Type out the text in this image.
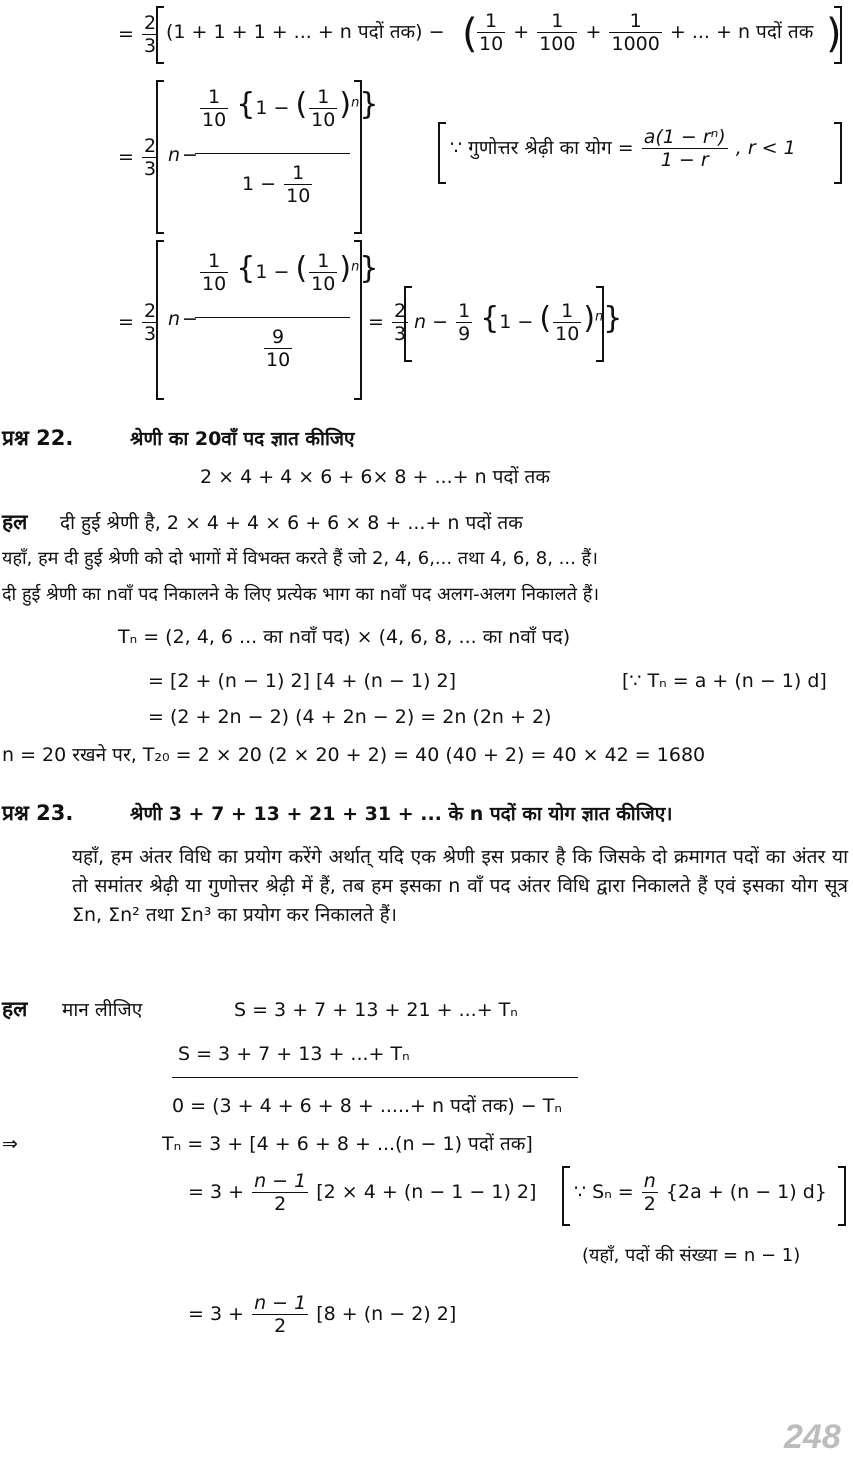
= $\frac{2}{3} (1 + 1 + 1$ + ... + n पदों तक) − ( $\frac{1}{10} + \frac{1}{100} + \frac{1}{1000}$ + ... + n पदों तक )
= $\frac{2}{3}$ n −
$\frac{1}{10} \{1$ − ( $\frac{1}{10} )^n$}
$1 - \frac{1}{10}$
∵ गुणोत्तर श्रेढ़ी का योग = $\frac{\text{a(1 − rⁿ)}}{1 - r}$ , r < 1
= $\frac{2}{3}$ n −
$\frac{1}{10} \{1$ − ( $\frac{1}{10} )^n$}
$\frac{9}{10}$
= $\frac{2}{3}$ $n - \frac{1}{9} \{1$ − ( $\frac{1}{10} )^n$}
प्रश्न 22.	श्रेणी का 20वाँ पद ज्ञात कीजिए
2 × 4 + 4 × 6 + 6× 8 + ...+ n पदों तक
हल दी हुई श्रेणी है, 2 × 4 + 4 × 6 + 6 × 8 + ...+ n पदों तक
यहाँ, हम दी हुई श्रेणी को दो भागों में विभक्त करते हैं जो 2, 4, 6,... तथा 4, 6, 8, ... हैं।
दी हुई श्रेणी का nवाँ पद निकालने के लिए प्रत्येक भाग का nवाँ पद अलग-अलग निकालते हैं।
Tₙ = (2, 4, 6 ... का nवाँ पद) × (4, 6, 8, ... का nवाँ पद)
= [2 + (n − 1) 2] [4 + (n − 1) 2]	[∵ Tₙ = a + (n − 1) d]
= (2 + 2n − 2) (4 + 2n − 2) = 2n (2n + 2)
n = 20 रखने पर, T₂₀ = 2 × 20 (2 × 20 + 2) = 40 (40 + 2) = 40 × 42 = 1680
प्रश्न 23.	श्रेणी 3 + 7 + 13 + 21 + 31 + ... के n पदों का योग ज्ञात कीजिए।
यहाँ, हम अंतर विधि का प्रयोग करेंगे अर्थात् यदि एक श्रेणी इस प्रकार है कि जिसके दो क्रमागत पदों का अंतर या तो समांतर श्रेढ़ी या गुणोत्तर श्रेढ़ी में हैं, तब हम इसका n वाँ पद अंतर विधि द्वारा निकालते हैं एवं इसका योग सूत्र Σn, Σn² तथा Σn³ का प्रयोग कर निकालते हैं।
हल मान लीजिए	S = 3 + 7 + 13 + 21 + ...+ Tₙ
S = 3 + 7 + 13 + ...+ Tₙ
0 = (3 + 4 + 6 + 8 + .....+ n पदों तक) − Tₙ
⇒	Tₙ = 3 + [4 + 6 + 8 + ...(n − 1) पदों तक]
= $3 + \frac{n - 1}{2} [2 \times 4 + (n - 1 - 1)$ 2] ∵ $S_n = \frac{n}{2} \{2a + (n - 1)$ d}
(यहाँ, पदों की संख्या = n − 1)
= $3 + \frac{n - 1}{2} [8 + (n - 2)$ 2]
248
